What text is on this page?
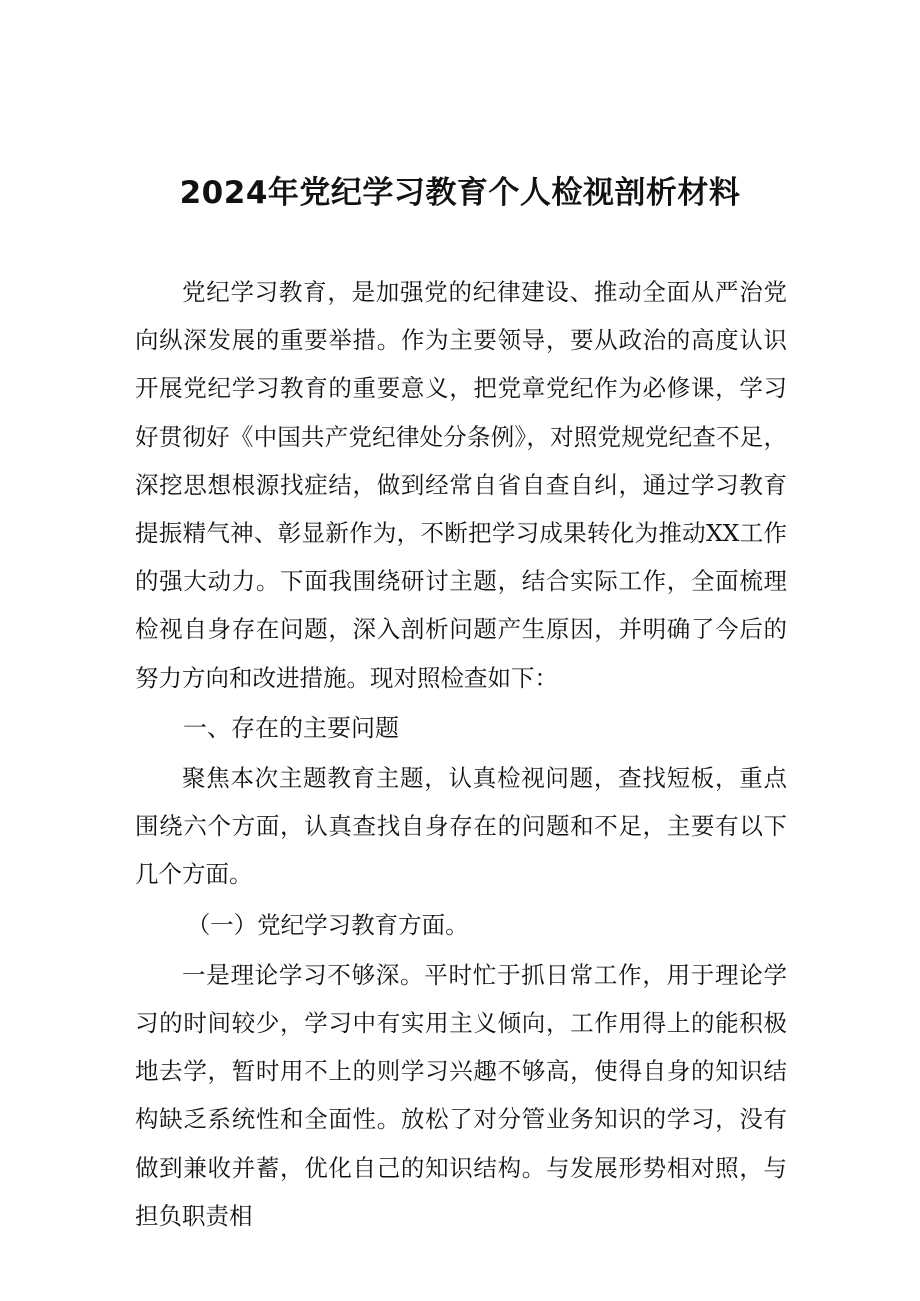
2024年党纪学习教育个人检视剖析材料

党纪学习教育，是加强党的纪律建设、推动全面从严治党向纵深发展的重要举措。作为主要领导，要从政治的高度认识开展党纪学习教育的重要意义，把党章党纪作为必修课，学习好贯彻好《中国共产党纪律处分条例》，对照党规党纪查不足，深挖思想根源找症结，做到经常自省自查自纠，通过学习教育提振精气神、彰显新作为，不断把学习成果转化为推动XX工作的强大动力。下面我围绕研讨主题，结合实际工作，全面梳理检视自身存在问题，深入剖析问题产生原因，并明确了今后的努力方向和改进措施。现对照检查如下：

一、存在的主要问题

聚焦本次主题教育主题，认真检视问题，查找短板，重点围绕六个方面，认真查找自身存在的问题和不足，主要有以下几个方面。

（一）党纪学习教育方面。

一是理论学习不够深。平时忙于抓日常工作，用于理论学习的时间较少，学习中有实用主义倾向，工作用得上的能积极地去学，暂时用不上的则学习兴趣不够高，使得自身的知识结构缺乏系统性和全面性。放松了对分管业务知识的学习，没有做到兼收并蓄，优化自己的知识结构。与发展形势相对照，与担负职责相
